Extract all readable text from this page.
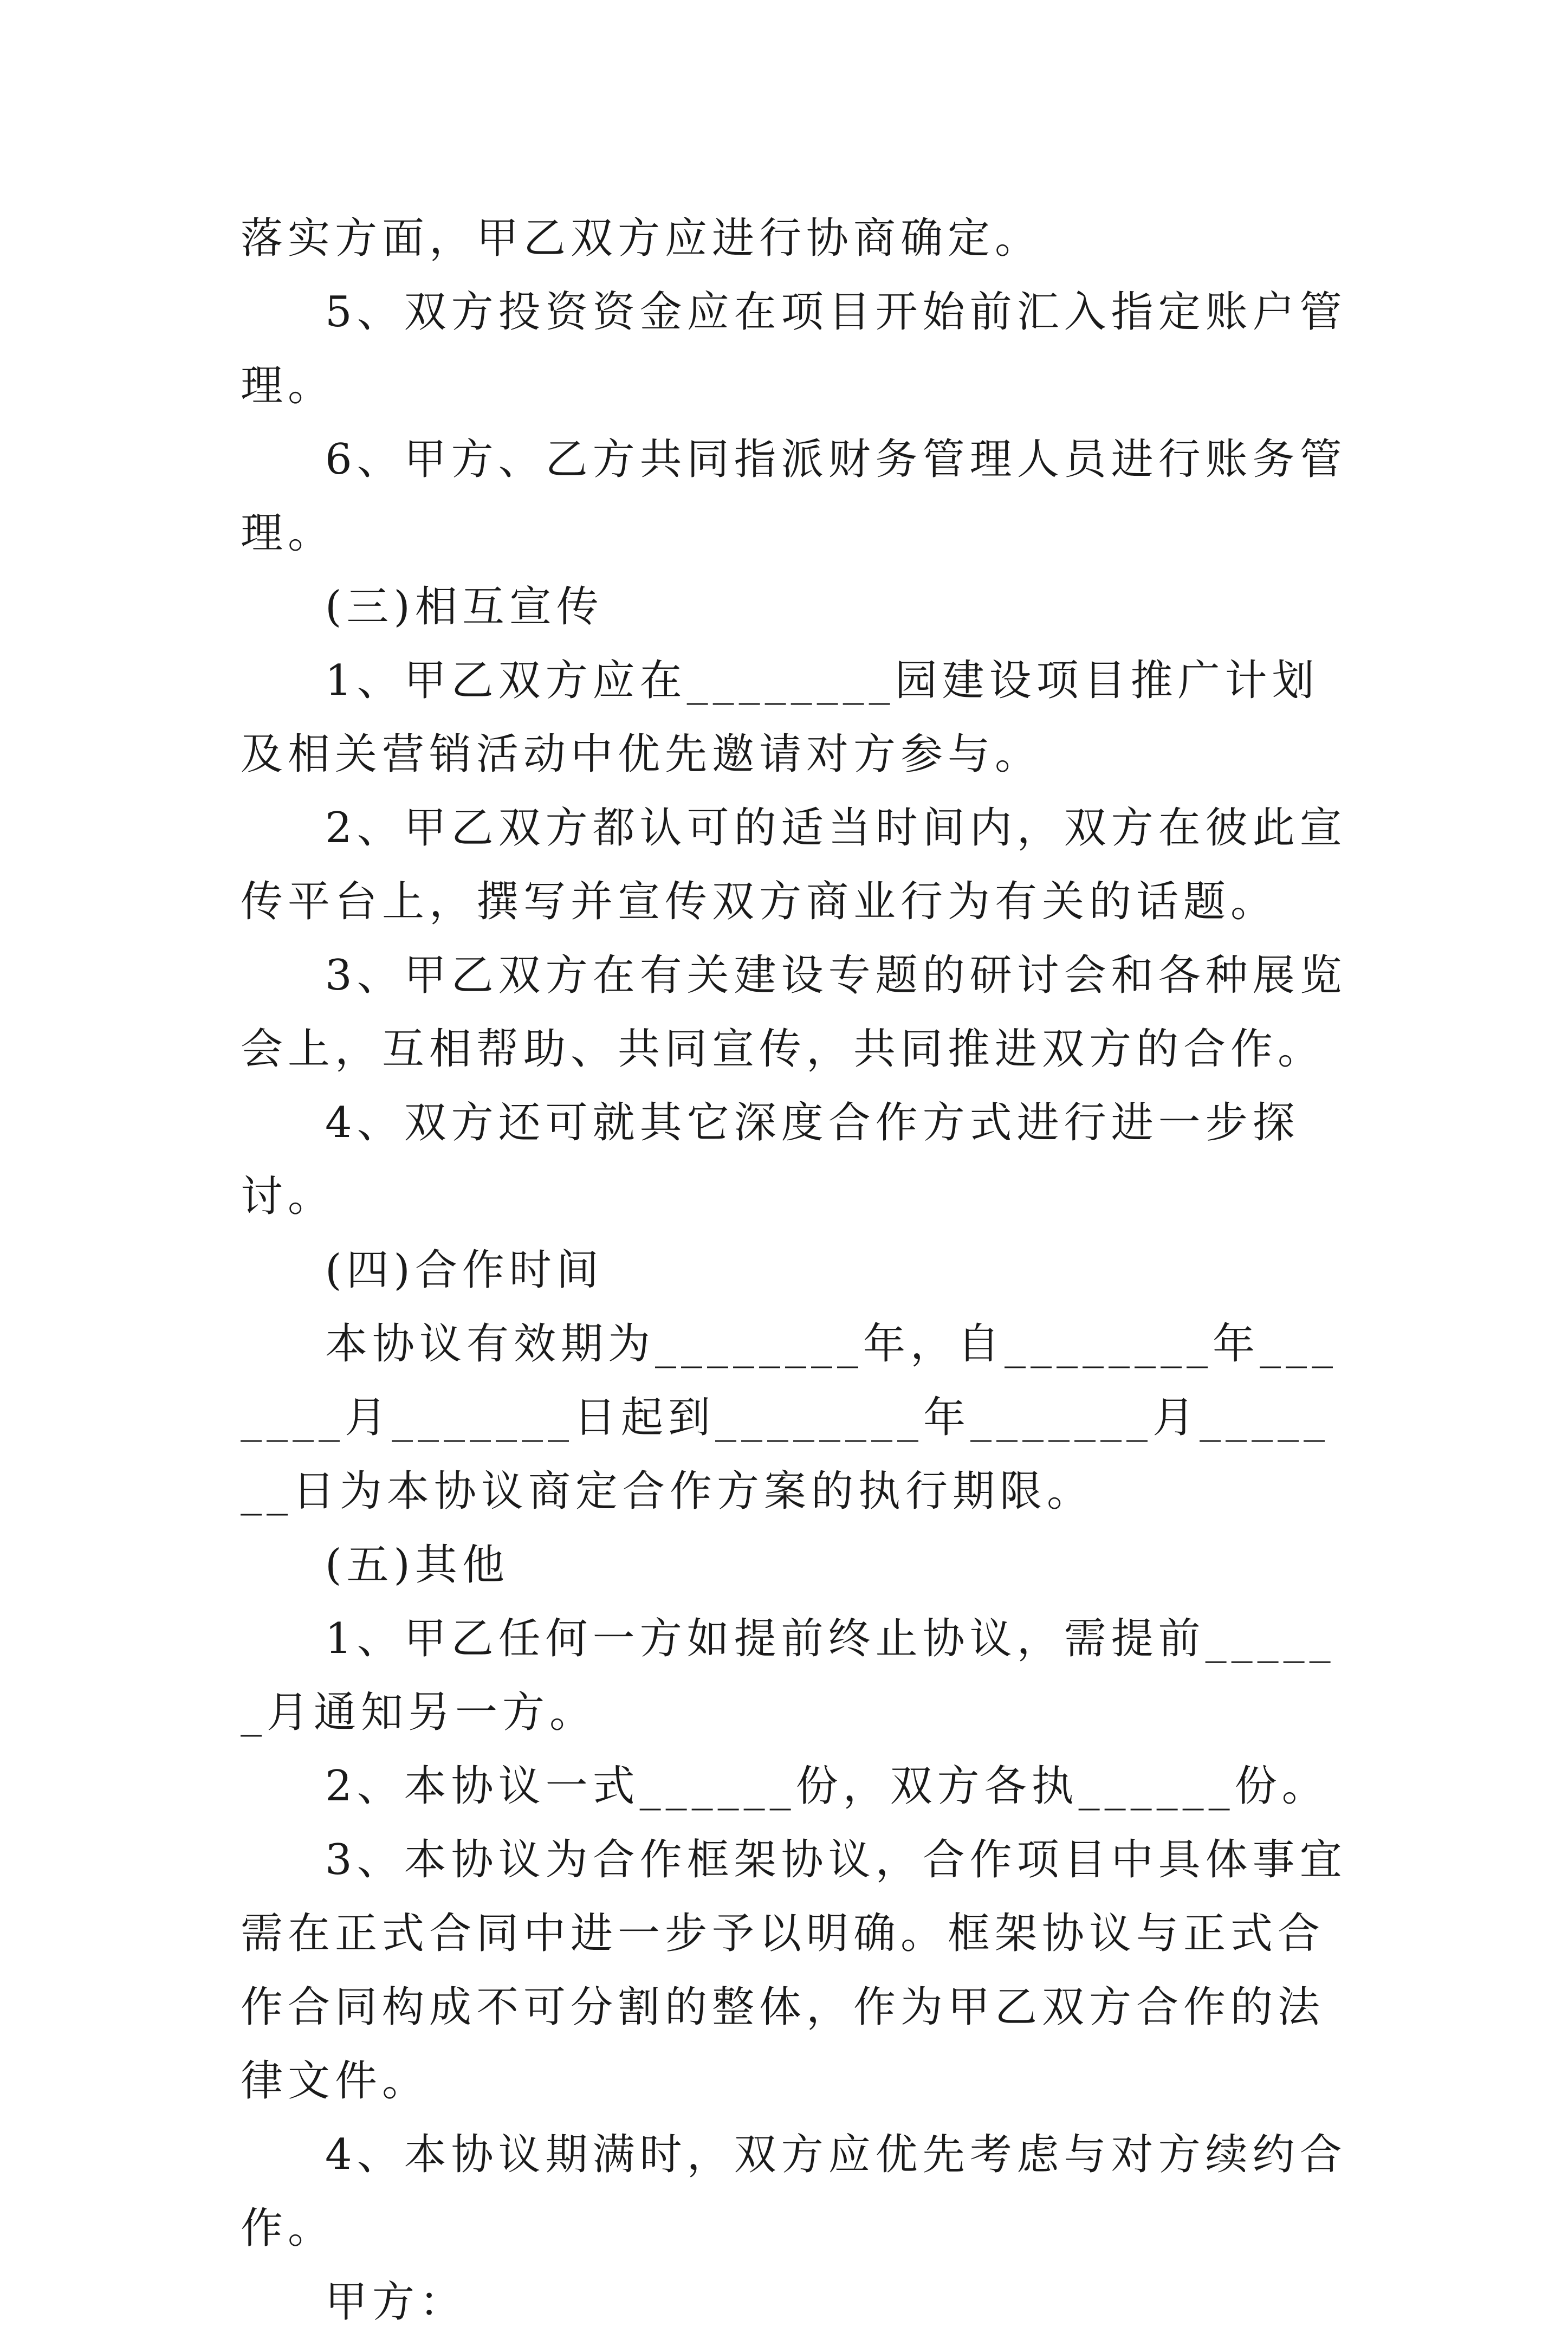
落实方面，甲乙双方应进行协商确定。

5、双方投资资金应在项目开始前汇入指定账户管理。

6、甲方、乙方共同指派财务管理人员进行账务管理。

(三)相互宣传

1、甲乙双方应在________园建设项目推广计划及相关营销活动中优先邀请对方参与。

2、甲乙双方都认可的适当时间内，双方在彼此宣传平台上，撰写并宣传双方商业行为有关的话题。

3、甲乙双方在有关建设专题的研讨会和各种展览会上，互相帮助、共同宣传，共同推进双方的合作。

4、双方还可就其它深度合作方式进行进一步探讨。

(四)合作时间

本协议有效期为________年，自________年_______月_______日起到________年_______月_______日为本协议商定合作方案的执行期限。

(五)其他

1、甲乙任何一方如提前终止协议，需提前______月通知另一方。

2、本协议一式______份，双方各执______份。

3、本协议为合作框架协议，合作项目中具体事宜需在正式合同中进一步予以明确。框架协议与正式合作合同构成不可分割的整体，作为甲乙双方合作的法律文件。

4、本协议期满时，双方应优先考虑与对方续约合作。

甲方：
